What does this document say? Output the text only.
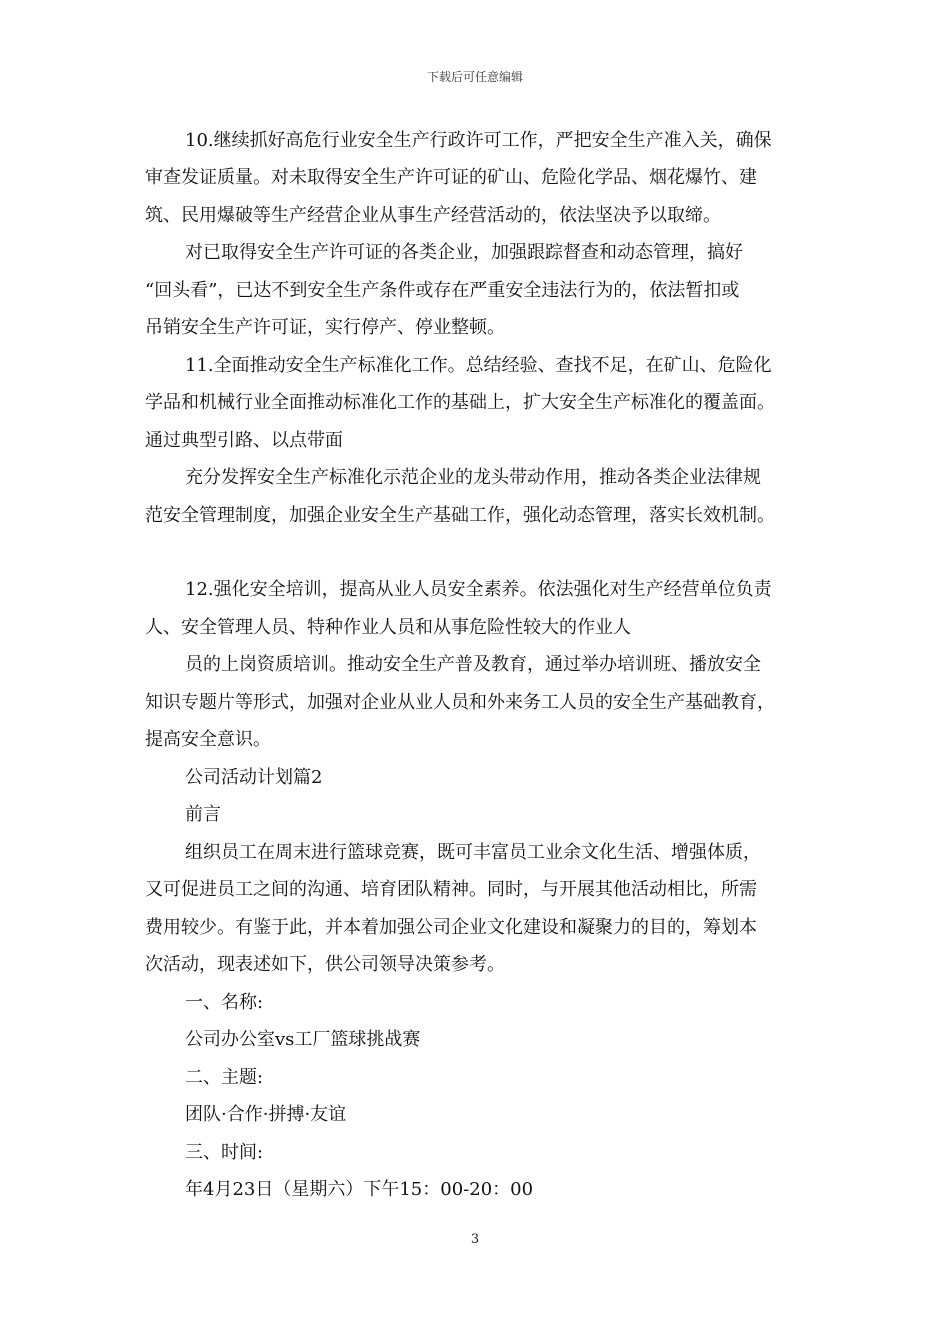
下载后可任意编辑
10.继续抓好高危行业安全生产行政许可工作，严把安全生产准入关，确保
审查发证质量。对未取得安全生产许可证的矿山、危险化学品、烟花爆竹、建
筑、民用爆破等生产经营企业从事生产经营活动的，依法坚决予以取缔。
对已取得安全生产许可证的各类企业，加强跟踪督查和动态管理，搞好
“回头看”，已达不到安全生产条件或存在严重安全违法行为的，依法暂扣或
吊销安全生产许可证，实行停产、停业整顿。
11.全面推动安全生产标准化工作。总结经验、查找不足，在矿山、危险化
学品和机械行业全面推动标准化工作的基础上，扩大安全生产标准化的覆盖面。
通过典型引路、以点带面
充分发挥安全生产标准化示范企业的龙头带动作用，推动各类企业法律规
范安全管理制度，加强企业安全生产基础工作，强化动态管理，落实长效机制。
12.强化安全培训，提高从业人员安全素养。依法强化对生产经营单位负责
人、安全管理人员、特种作业人员和从事危险性较大的作业人
员的上岗资质培训。推动安全生产普及教育，通过举办培训班、播放安全
知识专题片等形式，加强对企业从业人员和外来务工人员的安全生产基础教育，
提高安全意识。
公司活动计划篇2
前言
组织员工在周末进行篮球竞赛，既可丰富员工业余文化生活、增强体质，
又可促进员工之间的沟通、培育团队精神。同时，与开展其他活动相比，所需
费用较少。有鉴于此，并本着加强公司企业文化建设和凝聚力的目的，筹划本
次活动，现表述如下，供公司领导决策参考。
一、名称:
公司办公室vs工厂篮球挑战赛
二、主题:
团队·合作·拼搏·友谊
三、时间:
年4月23日（星期六）下午15：00-20：00
3
